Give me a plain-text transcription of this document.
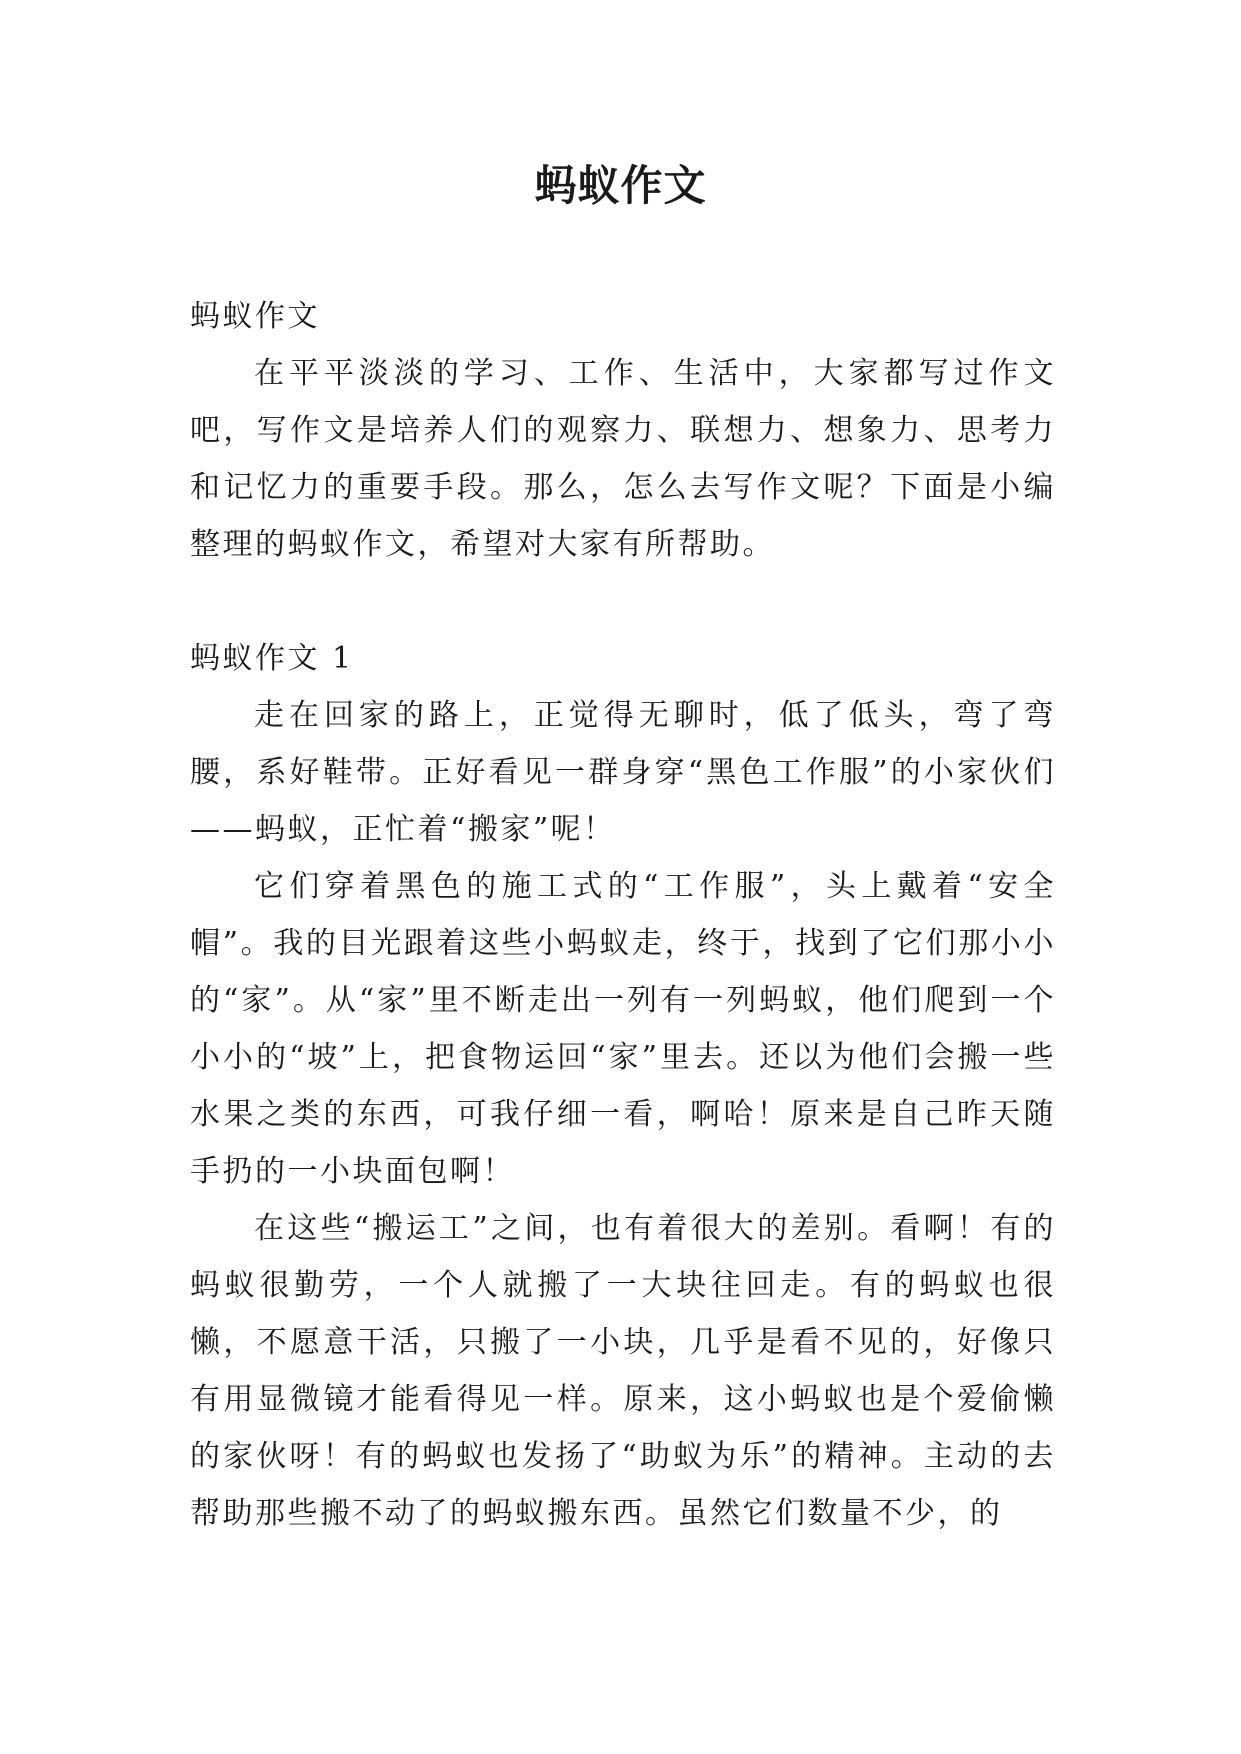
蚂蚁作文

蚂蚁作文

在平平淡淡的学习、工作、生活中，大家都写过作文吧，写作文是培养人们的观察力、联想力、想象力、思考力和记忆力的重要手段。那么，怎么去写作文呢？下面是小编整理的蚂蚁作文，希望对大家有所帮助。

蚂蚁作文 1

走在回家的路上，正觉得无聊时，低了低头，弯了弯腰，系好鞋带。正好看见一群身穿“黑色工作服”的小家伙们——蚂蚁，正忙着“搬家”呢！

它们穿着黑色的施工式的“工作服”，头上戴着“安全帽”。我的目光跟着这些小蚂蚁走，终于，找到了它们那小小的“家”。从“家”里不断走出一列有一列蚂蚁，他们爬到一个小小的“坡”上，把食物运回“家”里去。还以为他们会搬一些水果之类的东西，可我仔细一看，啊哈！原来是自己昨天随手扔的一小块面包啊！

在这些“搬运工”之间，也有着很大的差别。看啊！有的蚂蚁很勤劳，一个人就搬了一大块往回走。有的蚂蚁也很懒，不愿意干活，只搬了一小块，几乎是看不见的，好像只有用显微镜才能看得见一样。原来，这小蚂蚁也是个爱偷懒的家伙呀！有的蚂蚁也发扬了“助蚁为乐”的精神。主动的去帮助那些搬不动了的蚂蚁搬东西。虽然它们数量不少，的
